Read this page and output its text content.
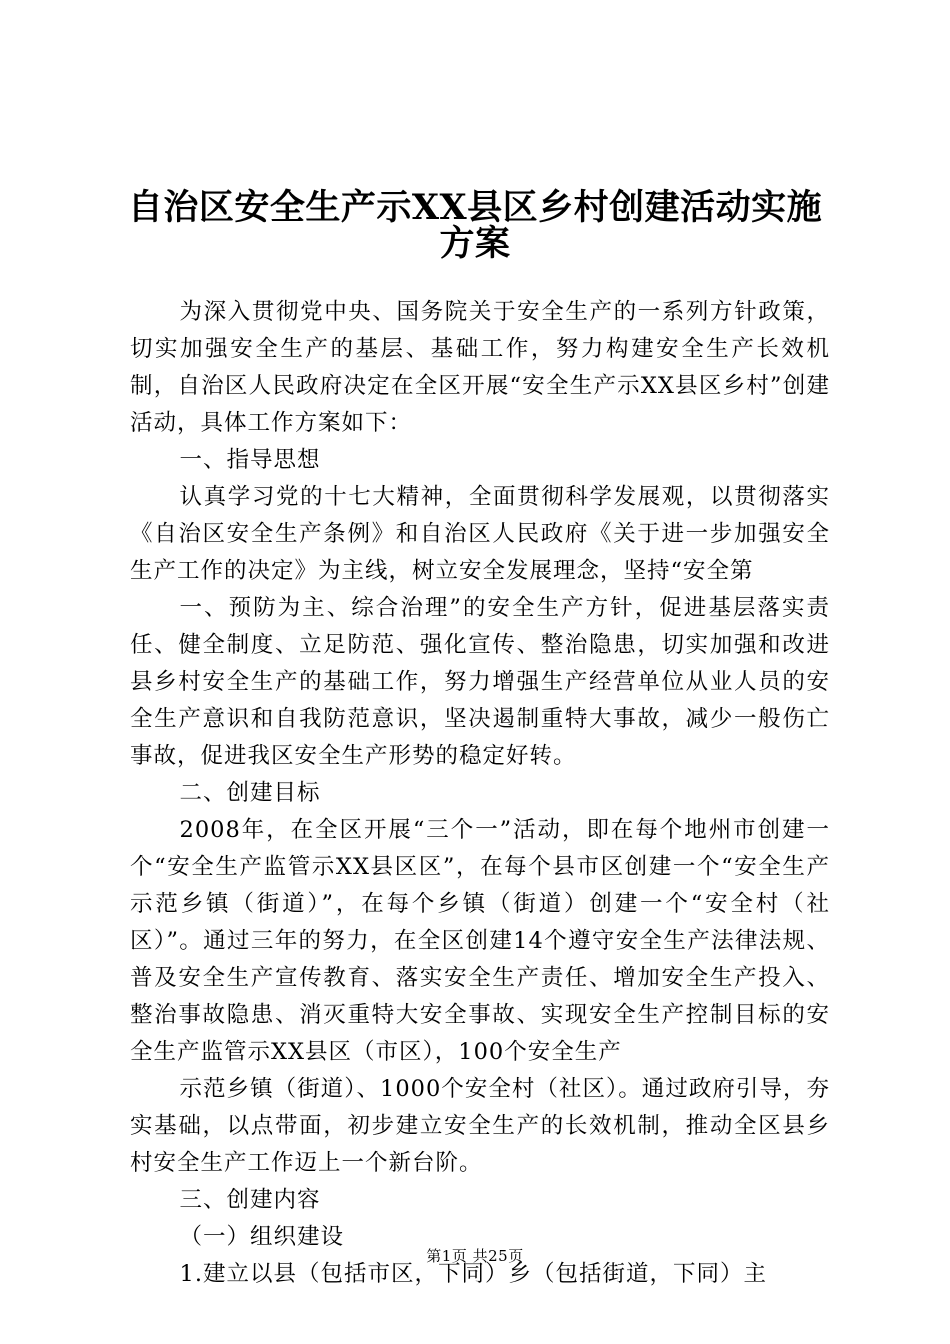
自治区安全生产示XX县区乡村创建活动实施
方案

为深入贯彻党中央、国务院关于安全生产的一系列方针政策，切实加强安全生产的基层、基础工作，努力构建安全生产长效机制，自治区人民政府决定在全区开展“安全生产示XX县区乡村”创建活动，具体工作方案如下：

一、指导思想

认真学习党的十七大精神，全面贯彻科学发展观，以贯彻落实《自治区安全生产条例》和自治区人民政府《关于进一步加强安全生产工作的决定》为主线，树立安全发展理念，坚持“安全第

一、预防为主、综合治理”的安全生产方针，促进基层落实责任、健全制度、立足防范、强化宣传、整治隐患，切实加强和改进县乡村安全生产的基础工作，努力增强生产经营单位从业人员的安全生产意识和自我防范意识，坚决遏制重特大事故，减少一般伤亡事故，促进我区安全生产形势的稳定好转。

二、创建目标

2008年，在全区开展“三个一”活动，即在每个地州市创建一个“安全生产监管示XX县区区”，在每个县市区创建一个“安全生产示范乡镇（街道）”，在每个乡镇（街道）创建一个“安全村（社区）”。通过三年的努力，在全区创建14个遵守安全生产法律法规、普及安全生产宣传教育、落实安全生产责任、增加安全生产投入、整治事故隐患、消灭重特大安全事故、实现安全生产控制目标的安全生产监管示XX县区（市区），100个安全生产

示范乡镇（街道）、1000个安全村（社区）。通过政府引导，夯实基础，以点带面，初步建立安全生产的长效机制，推动全区县乡村安全生产工作迈上一个新台阶。

三、创建内容

（一）组织建设

1.建立以县（包括市区，下同）乡（包括街道，下同）主

第1页 共25页
